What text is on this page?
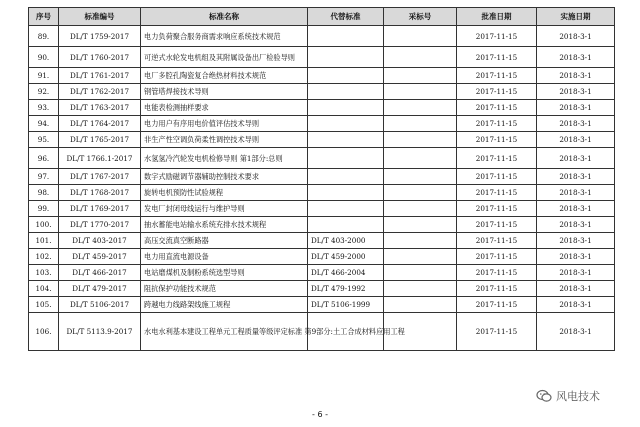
序号	标准编号	标准名称	代替标准	采标号	批准日期	实施日期
89.	DL/T 1759-2017	电力负荷聚合服务商需求响应系统技术规范			2017-11-15	2018-3-1
90.	DL/T 1760-2017	可逆式水轮发电机组及其附属设备出厂检验导则			2017-11-15	2018-3-1
91.	DL/T 1761-2017	电厂多腔孔陶瓷复合绝热材料技术规范			2017-11-15	2018-3-1
92.	DL/T 1762-2017	钢管塔焊接技术导则			2017-11-15	2018-3-1
93.	DL/T 1763-2017	电能表检测抽样要求			2017-11-15	2018-3-1
94.	DL/T 1764-2017	电力用户有序用电价值评估技术导则			2017-11-15	2018-3-1
95.	DL/T 1765-2017	非生产性空调负荷柔性调控技术导则			2017-11-15	2018-3-1
96.	DL/T 1766.1-2017	水氢氢冷汽轮发电机检修导则 第1部分:总则			2017-11-15	2018-3-1
97.	DL/T 1767-2017	数字式励磁调节器辅助控制技术要求			2017-11-15	2018-3-1
98.	DL/T 1768-2017	旋转电机预防性试验规程			2017-11-15	2018-3-1
99.	DL/T 1769-2017	发电厂封闭母线运行与维护导则			2017-11-15	2018-3-1
100.	DL/T 1770-2017	抽水蓄能电站输水系统充排水技术规程			2017-11-15	2018-3-1
101.	DL/T 403-2017	高压交流真空断路器	DL/T 403-2000		2017-11-15	2018-3-1
102.	DL/T 459-2017	电力用直流电源设备	DL/T 459-2000		2017-11-15	2018-3-1
103.	DL/T 466-2017	电站磨煤机及制粉系统选型导则	DL/T 466-2004		2017-11-15	2018-3-1
104.	DL/T 479-2017	阻抗保护功能技术规范	DL/T 479-1992		2017-11-15	2018-3-1
105.	DL/T 5106-2017	跨越电力线路架线施工规程	DL/T 5106-1999		2017-11-15	2018-3-1
106.	DL/T 5113.9-2017	水电水利基本建设工程单元工程质量等级评定标准 第9部分:土工合成材料应用工程			2017-11-15	2018-3-1
- 6 -
风电技术
